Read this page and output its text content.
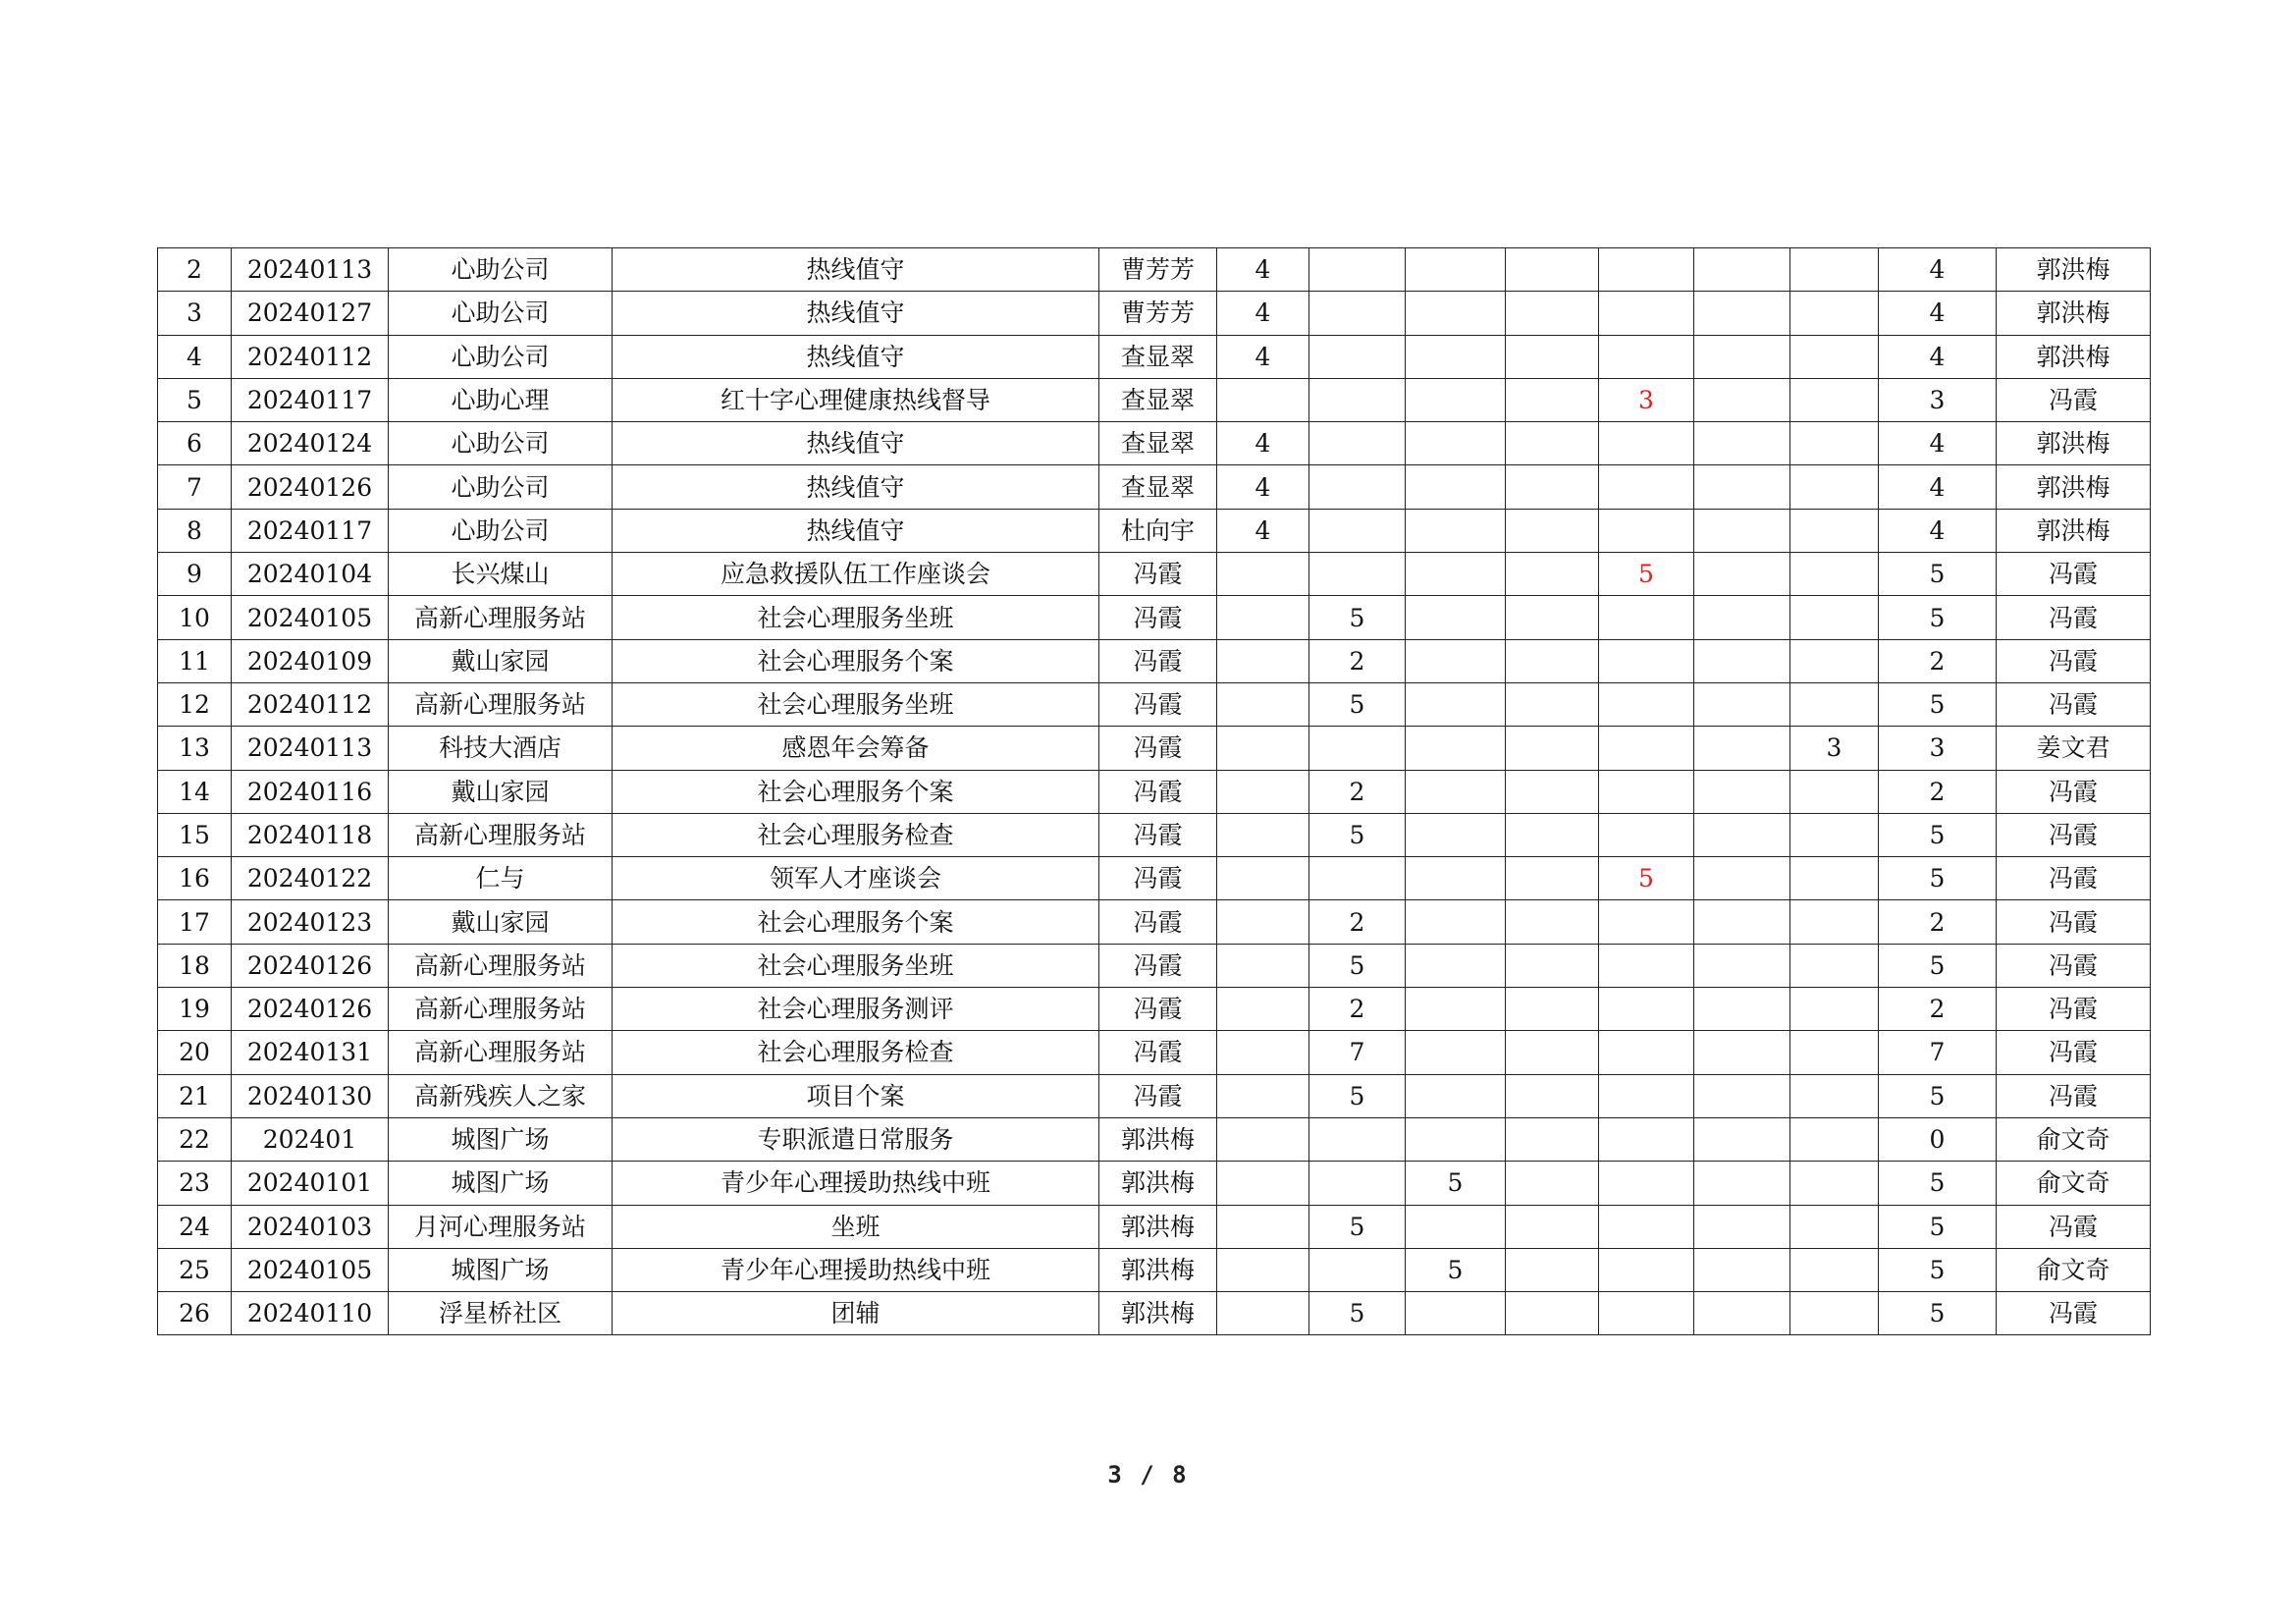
2	20240113	心助公司	热线值守	曹芳芳	4							4	郭洪梅
3	20240127	心助公司	热线值守	曹芳芳	4							4	郭洪梅
4	20240112	心助公司	热线值守	查显翠	4							4	郭洪梅
5	20240117	心助心理	红十字心理健康热线督导	查显翠					3			3	冯霞
6	20240124	心助公司	热线值守	查显翠	4							4	郭洪梅
7	20240126	心助公司	热线值守	查显翠	4							4	郭洪梅
8	20240117	心助公司	热线值守	杜向宇	4							4	郭洪梅
9	20240104	长兴煤山	应急救援队伍工作座谈会	冯霞					5			5	冯霞
10	20240105	高新心理服务站	社会心理服务坐班	冯霞		5						5	冯霞
11	20240109	戴山家园	社会心理服务个案	冯霞		2						2	冯霞
12	20240112	高新心理服务站	社会心理服务坐班	冯霞		5						5	冯霞
13	20240113	科技大酒店	感恩年会筹备	冯霞							3	3	姜文君
14	20240116	戴山家园	社会心理服务个案	冯霞		2						2	冯霞
15	20240118	高新心理服务站	社会心理服务检查	冯霞		5						5	冯霞
16	20240122	仁与	领军人才座谈会	冯霞					5			5	冯霞
17	20240123	戴山家园	社会心理服务个案	冯霞		2						2	冯霞
18	20240126	高新心理服务站	社会心理服务坐班	冯霞		5						5	冯霞
19	20240126	高新心理服务站	社会心理服务测评	冯霞		2						2	冯霞
20	20240131	高新心理服务站	社会心理服务检查	冯霞		7						7	冯霞
21	20240130	高新残疾人之家	项目个案	冯霞		5						5	冯霞
22	202401	城图广场	专职派遣日常服务	郭洪梅								0	俞文奇
23	20240101	城图广场	青少年心理援助热线中班	郭洪梅			5					5	俞文奇
24	20240103	月河心理服务站	坐班	郭洪梅		5						5	冯霞
25	20240105	城图广场	青少年心理援助热线中班	郭洪梅			5					5	俞文奇
26	20240110	浮星桥社区	团辅	郭洪梅		5						5	冯霞
3 / 8
